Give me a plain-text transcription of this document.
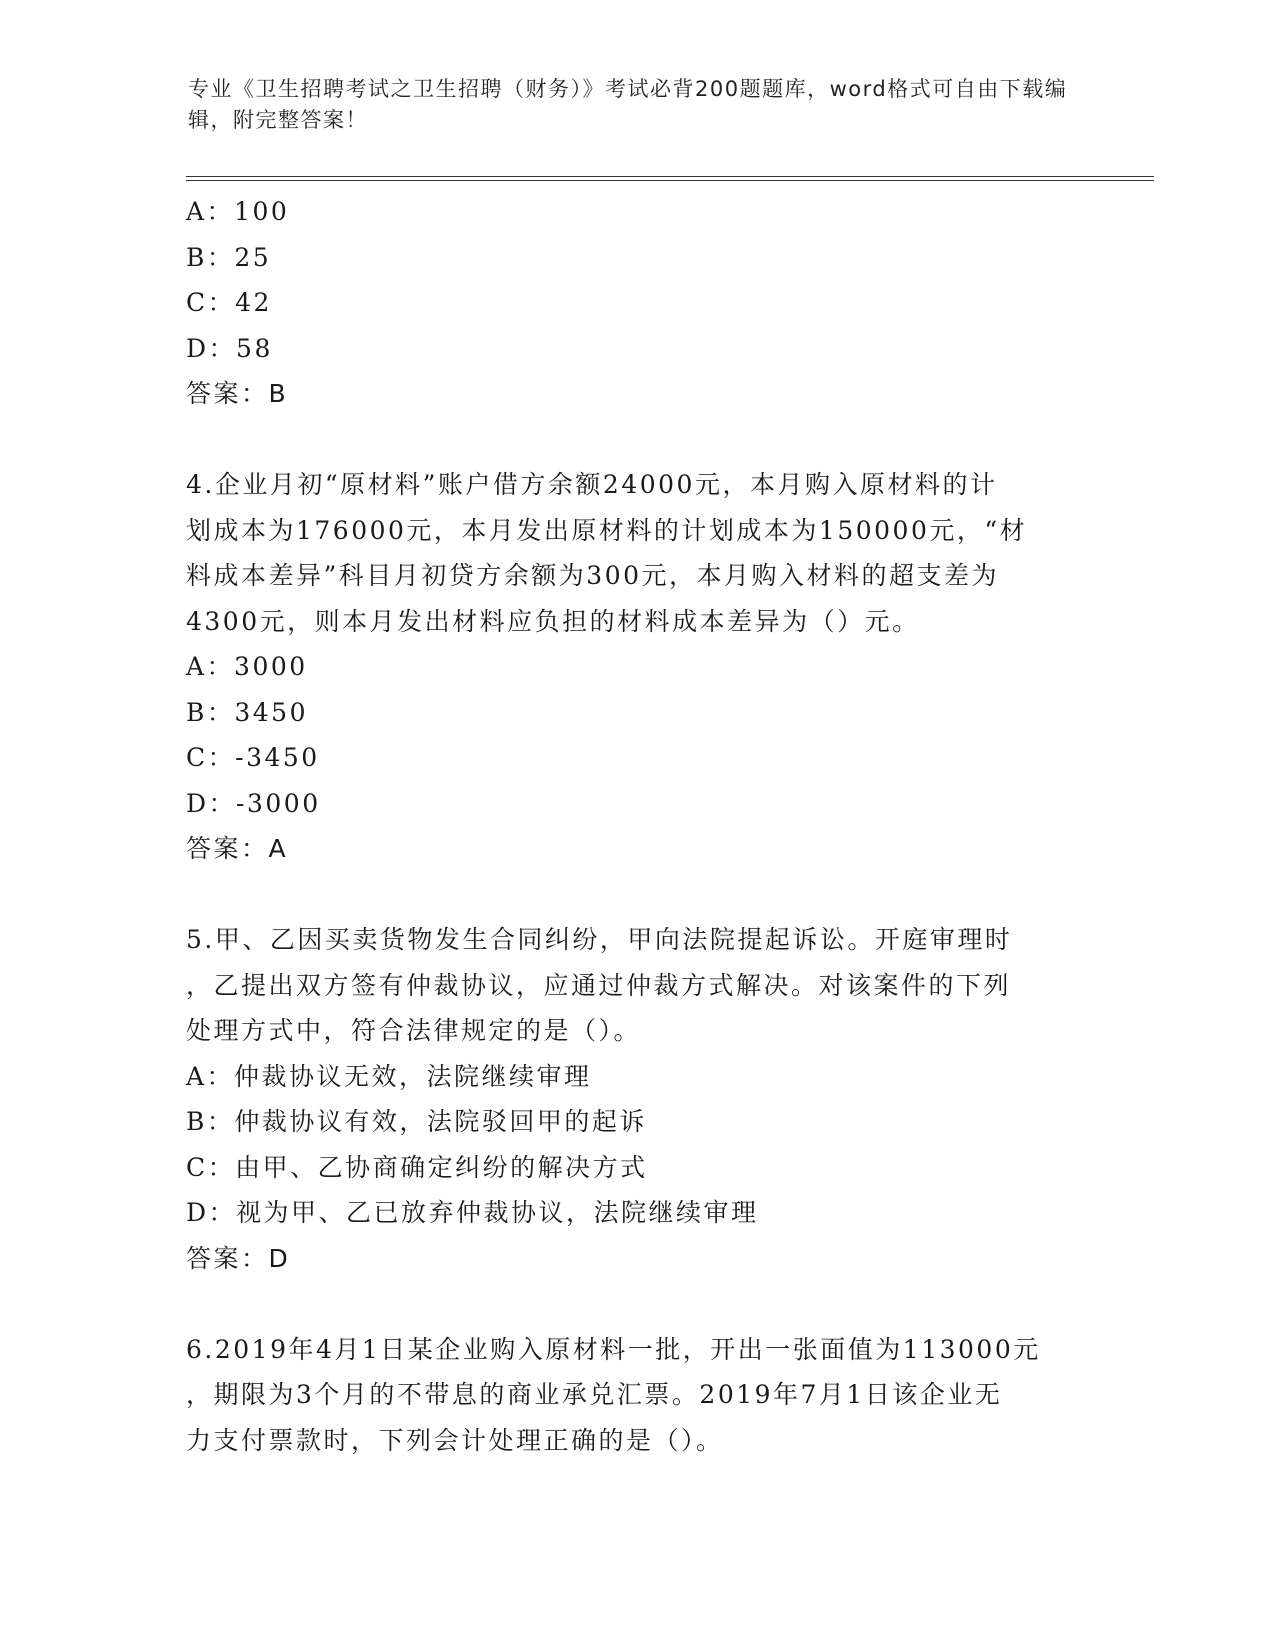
专业《卫生招聘考试之卫生招聘（财务）》考试必背200题题库，word格式可自由下载编辑，附完整答案！
A：100
B：25
C：42
D：58
答案：B
4.企业月初“原材料”账户借方余额24000元，本月购入原材料的计
划成本为176000元，本月发出原材料的计划成本为150000元，“材
料成本差异”科目月初贷方余额为300元，本月购入材料的超支差为
4300元，则本月发出材料应负担的材料成本差异为（）元。
A：3000
B：3450
C：-3450
D：-3000
答案：A
5.甲、乙因买卖货物发生合同纠纷，甲向法院提起诉讼。开庭审理时
，乙提出双方签有仲裁协议，应通过仲裁方式解决。对该案件的下列
处理方式中，符合法律规定的是（）。
A：仲裁协议无效，法院继续审理
B：仲裁协议有效，法院驳回甲的起诉
C：由甲、乙协商确定纠纷的解决方式
D：视为甲、乙已放弃仲裁协议，法院继续审理
答案：D
6.2019年4月1日某企业购入原材料一批，开出一张面值为113000元
，期限为3个月的不带息的商业承兑汇票。2019年7月1日该企业无
力支付票款时，下列会计处理正确的是（）。
